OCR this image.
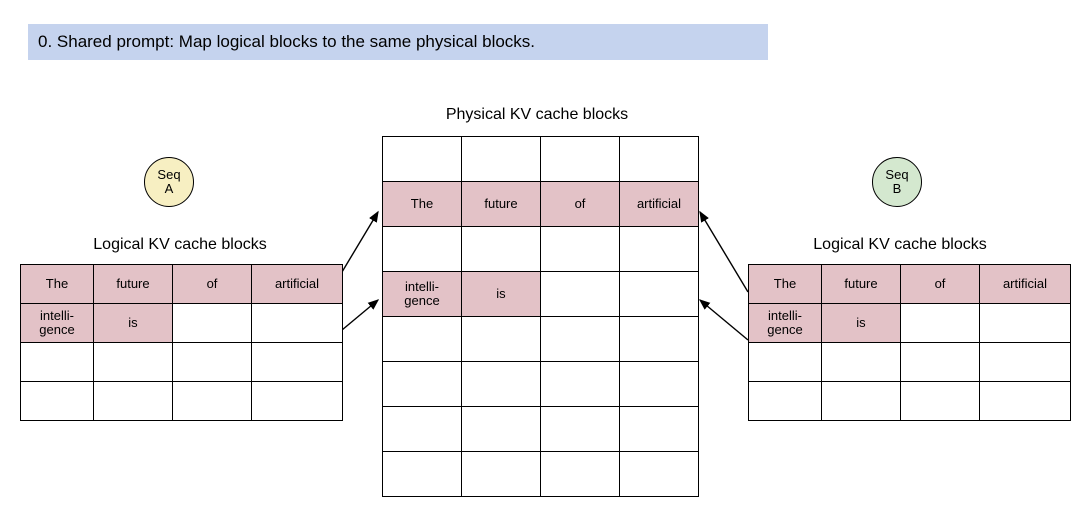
0. Shared prompt: Map logical blocks to the same physical blocks.
Physical KV cache blocks
Logical KV cache blocks	Logical KV cache blocks
Seq
A
Seq
B
The	future	of	artificial

intelli-
gence	is		

The	future	of	artificial

intelli-
gence	is		

The	future	of	artificial

intelli-
gence	is		
